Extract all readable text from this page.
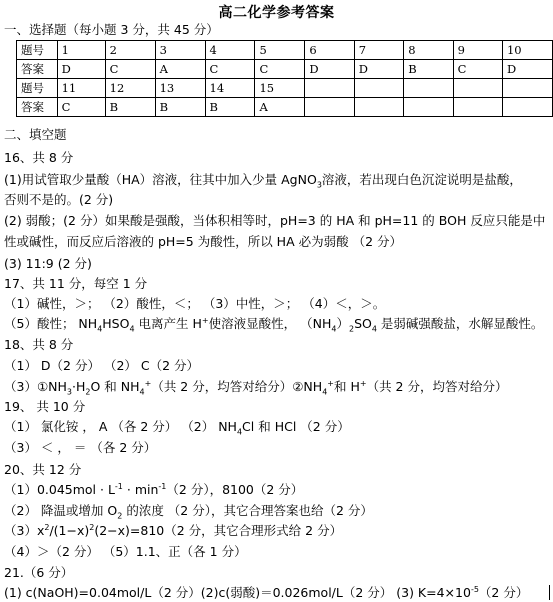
高二化学参考答案
一、选择题（每小题 3 分，共 45 分）
题号	1	2	3	4	5	6	7	8	9	10
答案	D	C	A	C	C	D	D	B	C	D
题号	11	12	13	14	15					
答案	C	B	B	B	A					
二、填空题
16、共 8 分
(1)用试管取少量酸（HA）溶液，往其中加入少量 AgNO$_3$溶液，若出现白色沉淀说明是盐酸，
否则不是的。(2 分)
(2) 弱酸；(2 分）如果酸是强酸，当体积相等时，pH=3 的 HA 和 pH=11 的 BOH 反应只能是中
性或碱性，而反应后溶液的 pH=5 为酸性，所以 HA 必为弱酸 （2 分）
(3) 11:9 (2 分)
17、共 11 分，每空 1 分
（1）碱性，＞； （2）酸性，＜； （3）中性，＞； （4）＜，＞。
（5）酸性； $NH_4HSO_4$ 电离产生 H+使溶液显酸性， $(NH_4)_2SO_4$ 是弱碱强酸盐，水解显酸性。
18、共 8 分
（1） D（2 分） （2） C（2 分）
$(3)①NH_3\cdot H_2O$ 和 $NH_4^+$（共 2 分，均答对给分）$②NH_4^+$和 H+（共 2 分，均答对给分）
19、 共 10 分
（1） 氯化铵 ， A （各 2 分） （2） $NH_4Cl$ 和 HCl （2 分）
（3） ＜ ， ＝ （各 2 分）
20、共 12 分
$(1)0.045mol \cdot L^{-1} \cdot \min^{-1}(2$ 分），8100（2 分）
（2） 降温或增加 $O_2$ 的浓度 （2 分），其它合理答案也给（2 分）
$(3)x^2/(1-x)^2(2-x)=810(2$ 分，其它合理形式给 2 分）
（4）＞（2 分） （5）1.1、正（各 1 分）
21.（6 分）
(1) c(NaOH)=0.04mol/L（2 分）(2)c(弱酸)＝0.026mol/L（2 分） (3) $K=4\times 10^{-5}(2$ 分）
